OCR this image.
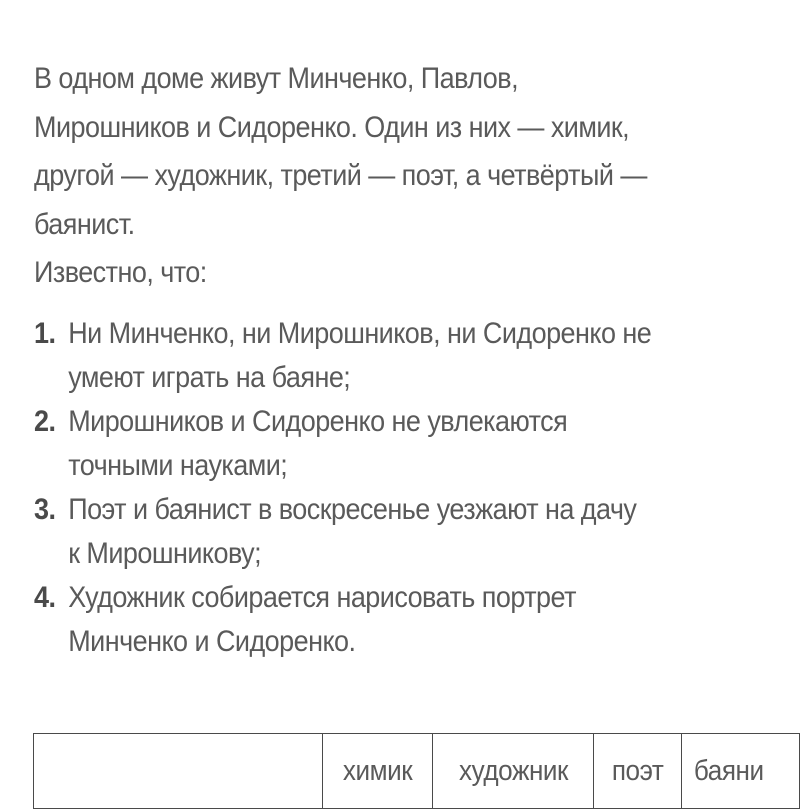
В одном доме живут Минченко, Павлов,
Мирошников и Сидоренко. Один из них — химик,
другой — художник, третий — поэт, а четвёртый —
баянист.
Известно, что:
1. Ни Минченко, ни Мирошников, ни Сидоренко не
умеют играть на баяне;
2. Мирошников и Сидоренко не увлекаются
точными науками;
3. Поэт и баянист в воскресенье уезжают на дачу
к Мирошникову;
4. Художник собирается нарисовать портрет
Минченко и Сидоренко.
	химик	художник	поэт	баяни
